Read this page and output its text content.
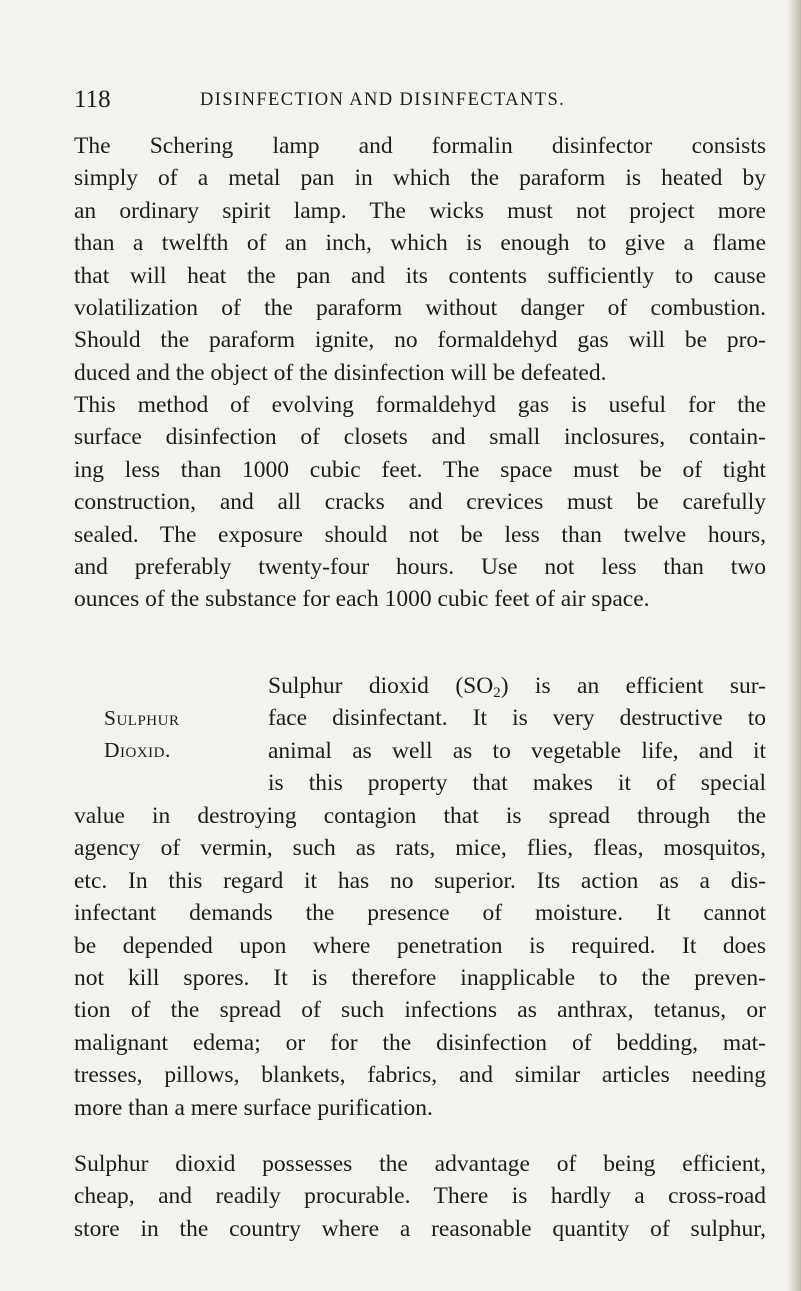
118	DISINFECTION AND DISINFECTANTS.
The Schering lamp and formalin disinfector consists
simply of a metal pan in which the paraform is heated by
an ordinary spirit lamp. The wicks must not project more
than a twelfth of an inch, which is enough to give a flame
that will heat the pan and its contents sufficiently to cause
volatilization of the paraform without danger of combustion.
Should the paraform ignite, no formaldehyd gas will be pro-
duced and the object of the disinfection will be defeated.
This method of evolving formaldehyd gas is useful for the
surface disinfection of closets and small inclosures, contain-
ing less than 1000 cubic feet. The space must be of tight
construction, and all cracks and crevices must be carefully
sealed. The exposure should not be less than twelve hours,
and preferably twenty-four hours. Use not less than two
ounces of the substance for each 1000 cubic feet of air space.
Sulphur
Dioxid.
Sulphur dioxid $(SO_2)$ is an efficient sur-
face disinfectant. It is very destructive to
animal as well as to vegetable life, and it
is this property that makes it of special
value in destroying contagion that is spread through the
agency of vermin, such as rats, mice, flies, fleas, mosquitos,
etc. In this regard it has no superior. Its action as a dis-
infectant demands the presence of moisture. It cannot
be depended upon where penetration is required. It does
not kill spores. It is therefore inapplicable to the preven-
tion of the spread of such infections as anthrax, tetanus, or
malignant edema; or for the disinfection of bedding, mat-
tresses, pillows, blankets, fabrics, and similar articles needing
more than a mere surface purification.
Sulphur dioxid possesses the advantage of being efficient,
cheap, and readily procurable. There is hardly a cross-road
store in the country where a reasonable quantity of sulphur,
